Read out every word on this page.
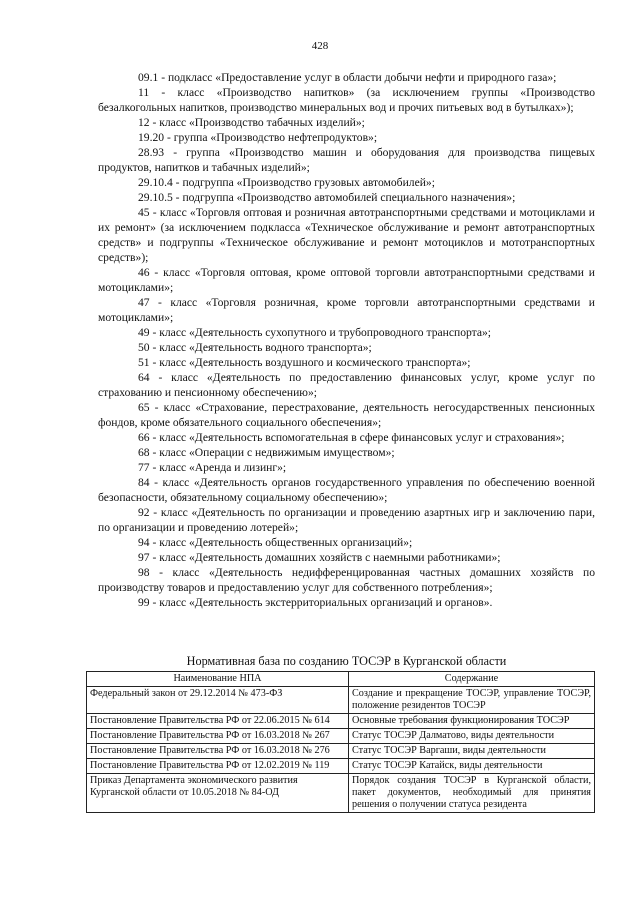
428

09.1 - подкласс «Предоставление услуг в области добычи нефти и природного газа»;

11 - класс «Производство напитков» (за исключением группы «Производство безалкогольных напитков, производство минеральных вод и прочих питьевых вод в бутылках»);

12 - класс «Производство табачных изделий»;

19.20 - группа «Производство нефтепродуктов»;

28.93 - группа «Производство машин и оборудования для производства пищевых продуктов, напитков и табачных изделий»;

29.10.4 - подгруппа «Производство грузовых автомобилей»;

29.10.5 - подгруппа «Производство автомобилей специального назначения»;

45 - класс «Торговля оптовая и розничная автотранспортными средствами и мотоциклами и их ремонт» (за исключением подкласса «Техническое обслуживание и ремонт автотранспортных средств» и подгруппы «Техническое обслуживание и ремонт мотоциклов и мототранспортных средств»);

46 - класс «Торговля оптовая, кроме оптовой торговли автотранспортными средствами и мотоциклами»;

47 - класс «Торговля розничная, кроме торговли автотранспортными средствами и мотоциклами»;

49 - класс «Деятельность сухопутного и трубопроводного транспорта»;

50 - класс «Деятельность водного транспорта»;

51 - класс «Деятельность воздушного и космического транспорта»;

64 - класс «Деятельность по предоставлению финансовых услуг, кроме услуг по страхованию и пенсионному обеспечению»;

65 - класс «Страхование, перестрахование, деятельность негосударственных пенсионных фондов, кроме обязательного социального обеспечения»;

66 - класс «Деятельность вспомогательная в сфере финансовых услуг и страхования»;

68 - класс «Операции с недвижимым имуществом»;

77 - класс «Аренда и лизинг»;

84 - класс «Деятельность органов государственного управления по обеспечению военной безопасности, обязательному социальному обеспечению»;

92 - класс «Деятельность по организации и проведению азартных игр и заключению пари, по организации и проведению лотерей»;

94 - класс «Деятельность общественных организаций»;

97 - класс «Деятельность домашних хозяйств с наемными работниками»;

98 - класс «Деятельность недифференцированная частных домашних хозяйств по производству товаров и предоставлению услуг для собственного потребления»;

99 - класс «Деятельность экстерриториальных организаций и органов».

Нормативная база по созданию ТОСЭР в Курганской области
Наименование НПА	Содержание
Федеральный закон от 29.12.2014 № 473-ФЗ	Создание и прекращение ТОСЭР, управление ТОСЭР, положение резидентов ТОСЭР
Постановление Правительства РФ от 22.06.2015 № 614	Основные требования функционирования ТОСЭР
Постановление Правительства РФ от 16.03.2018 № 267	Статус ТОСЭР Далматово, виды деятельности
Постановление Правительства РФ от 16.03.2018 № 276	Статус ТОСЭР Варгаши, виды деятельности
Постановление Правительства РФ от 12.02.2019 № 119	Статус ТОСЭР Катайск, виды деятельности
Приказ Департамента экономического развития Курганской области от 10.05.2018 № 84-ОД	Порядок создания ТОСЭР в Курганской области, пакет документов, необходимый для принятия решения о получении статуса резидента
